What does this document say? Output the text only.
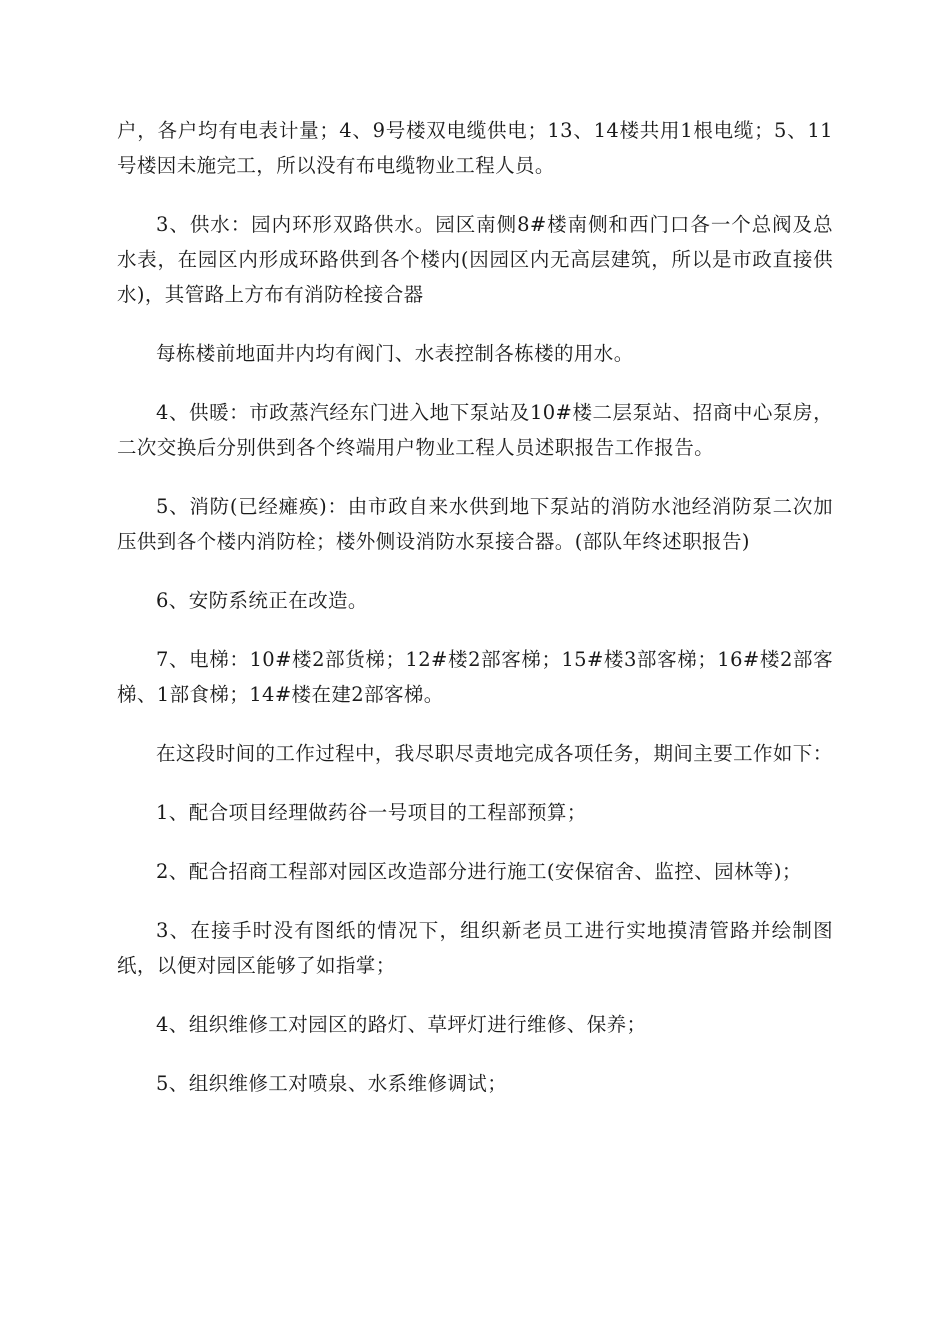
户，各户均有电表计量；4、9号楼双电缆供电；13、14楼共用1根电缆；5、11号楼因未施完工，所以没有布电缆物业工程人员。

3、供水：园内环形双路供水。园区南侧8#楼南侧和西门口各一个总阀及总水表，在园区内形成环路供到各个楼内(因园区内无高层建筑，所以是市政直接供水)，其管路上方布有消防栓接合器

每栋楼前地面井内均有阀门、水表控制各栋楼的用水。

4、供暖：市政蒸汽经东门进入地下泵站及10#楼二层泵站、招商中心泵房，二次交换后分别供到各个终端用户物业工程人员述职报告工作报告。

5、消防(已经瘫痪)：由市政自来水供到地下泵站的消防水池经消防泵二次加压供到各个楼内消防栓；楼外侧设消防水泵接合器。(部队年终述职报告)

6、安防系统正在改造。

7、电梯：10#楼2部货梯；12#楼2部客梯；15#楼3部客梯；16#楼2部客梯、1部食梯；14#楼在建2部客梯。

在这段时间的工作过程中，我尽职尽责地完成各项任务，期间主要工作如下：

1、配合项目经理做药谷一号项目的工程部预算；

2、配合招商工程部对园区改造部分进行施工(安保宿舍、监控、园林等)；

3、在接手时没有图纸的情况下，组织新老员工进行实地摸清管路并绘制图纸，以便对园区能够了如指掌；

4、组织维修工对园区的路灯、草坪灯进行维修、保养；

5、组织维修工对喷泉、水系维修调试；
